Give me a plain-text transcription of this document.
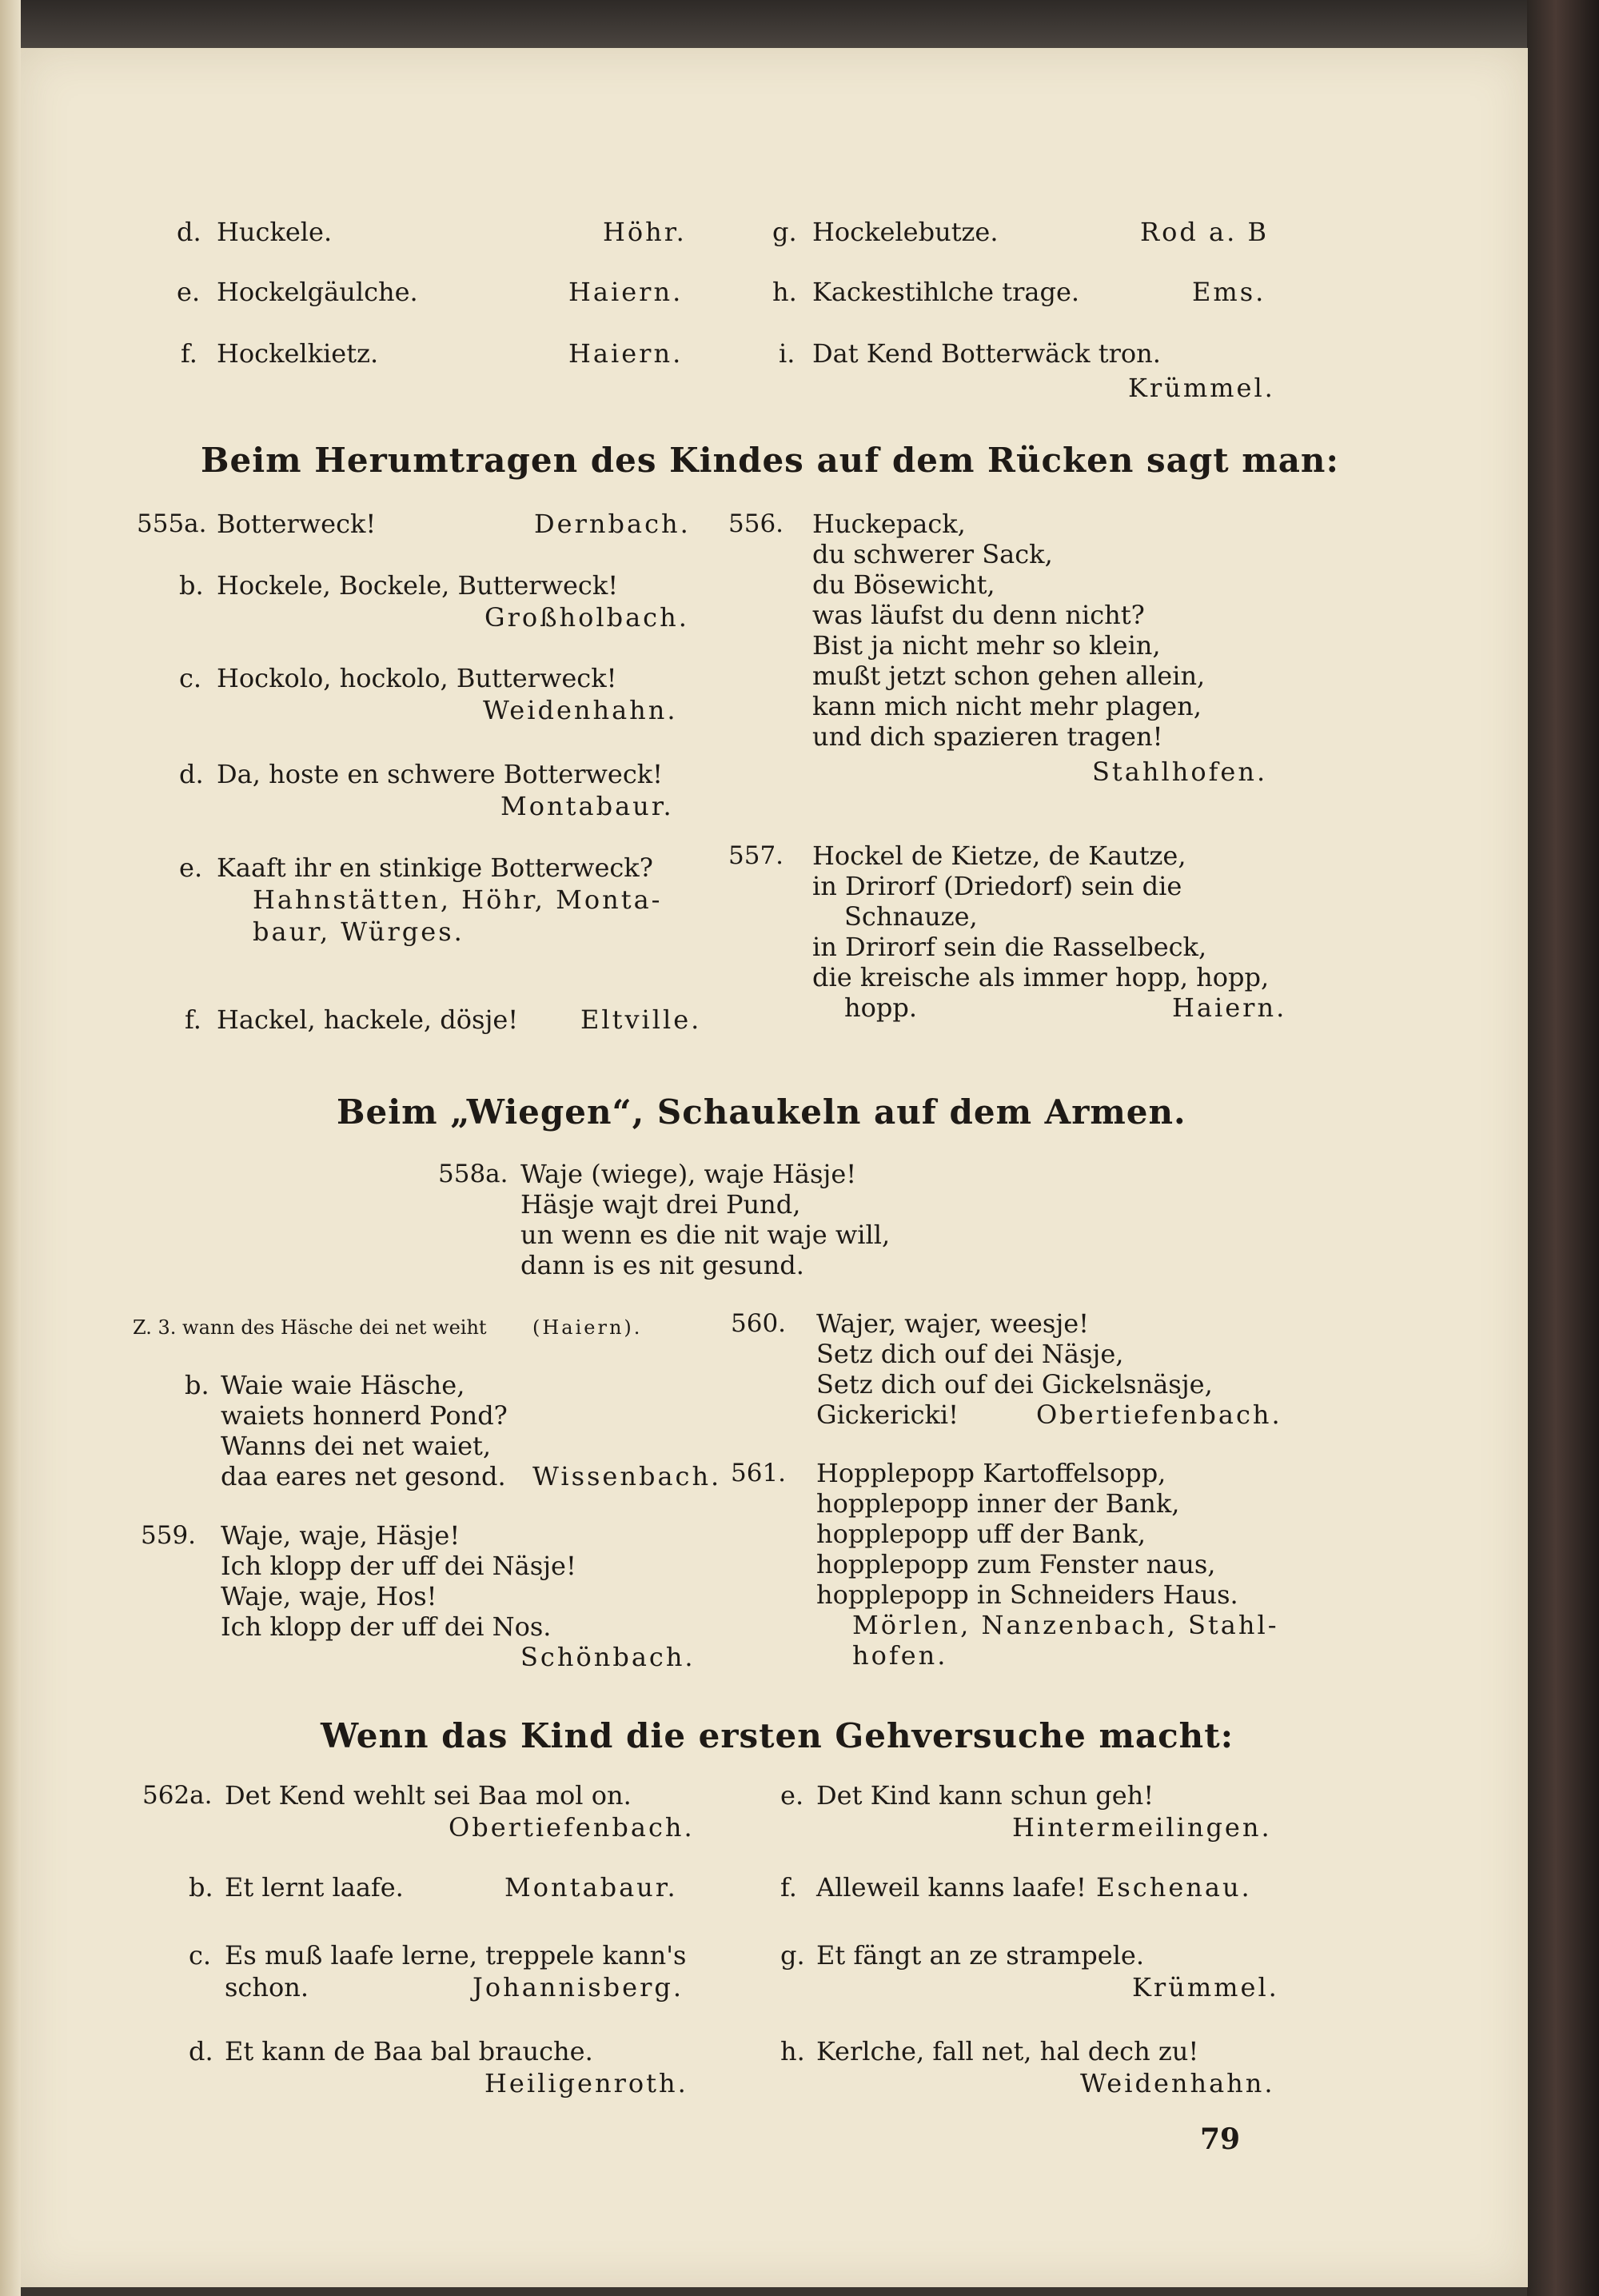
d. Huckele.	Höhr.
e. Hockelgäulche.	Haiern.
f. Hockelkietz.	Haiern.
g. Hockelebutze.	Rod a. B
h. Kackestihlche trage.	Ems.
i. Dat Kend Botterwäck tron.
Krümmel.
Beim Herumtragen des Kindes auf dem Rücken sagt man:
555a. Botterweck!	Dernbach.
b. Hockele, Bockele, Butterweck!
Großholbach.
c. Hockolo, hockolo, Butterweck!
Weidenhahn.
d. Da, hoste en schwere Botterweck!
Montabaur.
e. Kaaft ihr en stinkige Botterweck?
Hahnstätten, Höhr, Monta-
baur, Würges.
f. Hackel, hackele, dösje! Eltville.
556. Huckepack,
du schwerer Sack,
du Bösewicht,
was läufst du denn nicht?
Bist ja nicht mehr so klein,
mußt jetzt schon gehen allein,
kann mich nicht mehr plagen,
und dich spazieren tragen!
Stahlhofen.
557. Hockel de Kietze, de Kautze,
in Drirorf (Driedorf) sein die
Schnauze,
in Drirorf sein die Rasselbeck,
die kreische als immer hopp, hopp,
hopp.	Haiern.
Beim „Wiegen“, Schaukeln auf dem Armen.
558a. Waje (wiege), waje Häsje!
Häsje wajt drei Pund,
un wenn es die nit waje will,
dann is es nit gesund.
Z. 3. wann des Häsche dei net weiht (Haiern).
b. Waie waie Häsche,
waiets honnerd Pond?
Wanns dei net waiet,
daa eares net gesond. Wissenbach.
559. Waje, waje, Häsje!
Ich klopp der uff dei Näsje!
Waje, waje, Hos!
Ich klopp der uff dei Nos.
Schönbach.
560. Wajer, wajer, weesje!
Setz dich ouf dei Näsje,
Setz dich ouf dei Gickelsnäsje,
Gickericki!	Obertiefenbach.
561. Hopplepopp Kartoffelsopp,
hopplepopp inner der Bank,
hopplepopp uff der Bank,
hopplepopp zum Fenster naus,
hopplepopp in Schneiders Haus.
Mörlen, Nanzenbach, Stahl-
hofen.
Wenn das Kind die ersten Gehversuche macht:
562a. Det Kend wehlt sei Baa mol on.
Obertiefenbach.
b. Et lernt laafe.	Montabaur.
c. Es muß laafe lerne, treppele kann's
schon.	Johannisberg.
d. Et kann de Baa bal brauche.
Heiligenroth.
e. Det Kind kann schun geh!
Hintermeilingen.
f. Alleweil kanns laafe! Eschenau.
g. Et fängt an ze strampele.
Krümmel.
h. Kerlche, fall net, hal dech zu!
Weidenhahn.
79
